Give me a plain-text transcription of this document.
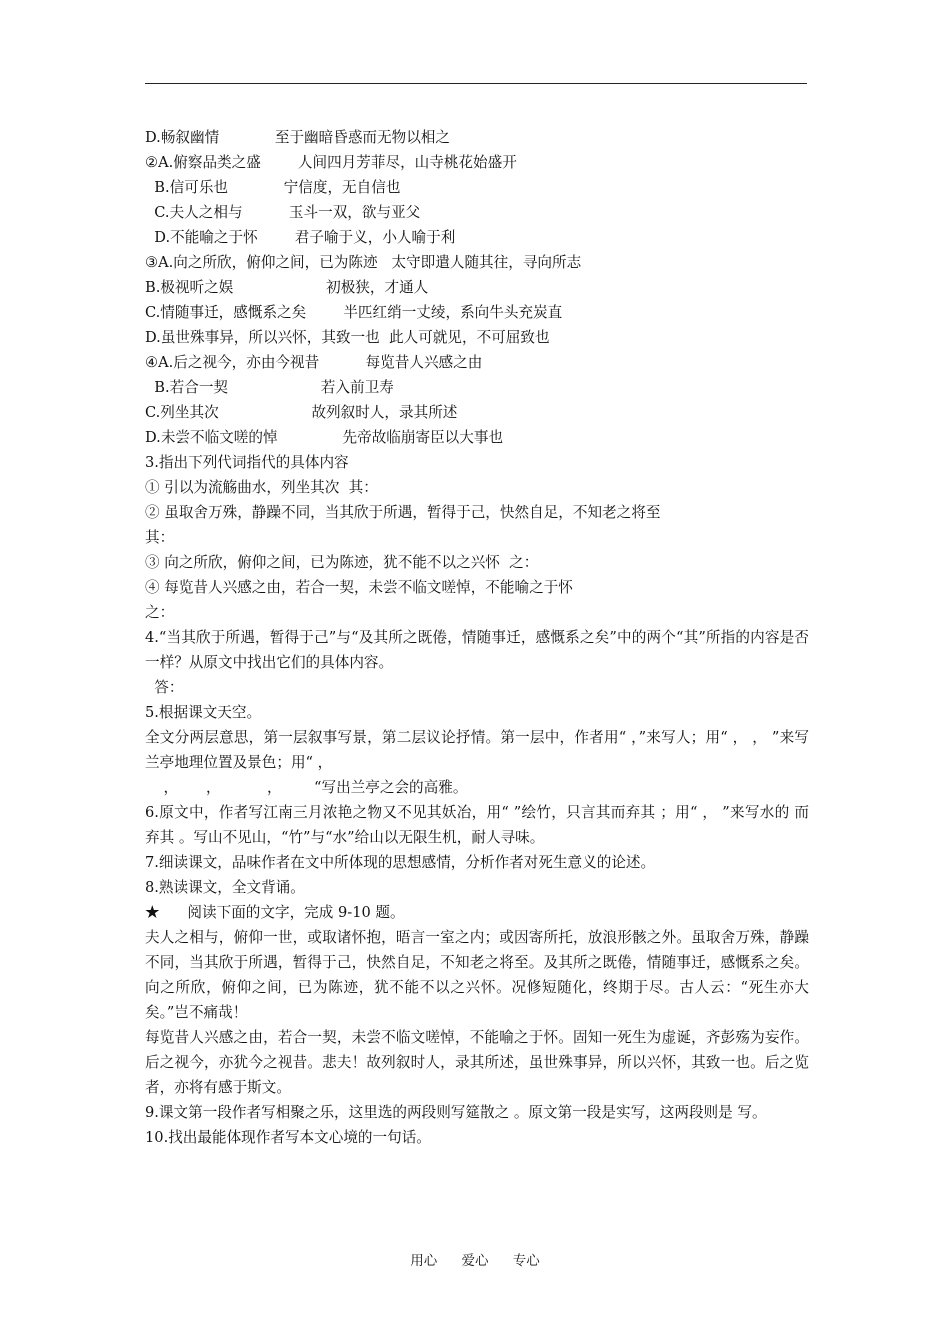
D.畅叙幽情            至于幽暗昏惑而无物以相之
②A.俯察品类之盛        人间四月芳菲尽，山寺桃花始盛开
B.信可乐也            宁信度，无自信也
C.夫人之相与          玉斗一双，欲与亚父
D.不能喻之于怀        君子喻于义，小人喻于利
③A.向之所欣，俯仰之间，已为陈迹   太守即遣人随其往，寻向所志
B.极视听之娱                    初极狭，才通人
C.情随事迁，感慨系之矣        半匹红绡一丈绫，系向牛头充炭直
D.虽世殊事异，所以兴怀，其致一也  此人可就见，不可屈致也
④A.后之视今，亦由今视昔          每览昔人兴感之由
B.若合一契                    若入前卫寿
C.列坐其次                    故列叙时人，录其所述
D.未尝不临文嗟的悼              先帝故临崩寄臣以大事也
3.指出下列代词指代的具体内容
① 引以为流觞曲水，列坐其次  其：
② 虽取舍万殊，静躁不同，当其欣于所遇，暂得于己，快然自足，不知老之将至
其：
③ 向之所欣，俯仰之间，已为陈迹，犹不能不以之兴怀  之：
④ 每览昔人兴感之由，若合一契，未尝不临文嗟悼，不能喻之于怀
之：
4.“当其欣于所遇，暂得于己”与“及其所之既倦，情随事迁，感慨系之矣”中的两个“其”所指的内容是否一样？从原文中找出它们的具体内容。
答：
5.根据课文天空。
全文分两层意思，第一层叙事写景，第二层议论抒情。第一层中，作者用“ ，”来写人；用“ ， ， ”来写兰亭地理位置及景色；用“ ，
，      ，          ，       “写出兰亭之会的高雅。
6.原文中，作者写江南三月浓艳之物又不见其妖冶，用“ ”绘竹，只言其而弃其 ；用“ ， ”来写水的 而弃其 。写山不见山，“竹”与“水”给山以无限生机，耐人寻味。
7.细读课文，品味作者在文中所体现的思想感情，分析作者对死生意义的论述。
8.熟读课文，全文背诵。
★      阅读下面的文字，完成 9-10 题。
夫人之相与，俯仰一世，或取诸怀抱，晤言一室之内；或因寄所托，放浪形骸之外。虽取舍万殊，静躁不同，当其欣于所遇，暂得于己，快然自足，不知老之将至。及其所之既倦，情随事迁，感慨系之矣。向之所欣，俯仰之间，已为陈迹，犹不能不以之兴怀。况修短随化，终期于尽。古人云：“死生亦大矣。”岂不痛哉！
每览昔人兴感之由，若合一契，未尝不临文嗟悼，不能喻之于怀。固知一死生为虚诞，齐彭殇为妄作。后之视今，亦犹今之视昔。悲夫！故列叙时人，录其所述，虽世殊事异，所以兴怀，其致一也。后之览者，亦将有感于斯文。
9.课文第一段作者写相聚之乐，这里选的两段则写筵散之 。原文第一段是实写，这两段则是 写。
10.找出最能体现作者写本文心境的一句话。
用心 爱心 专心
